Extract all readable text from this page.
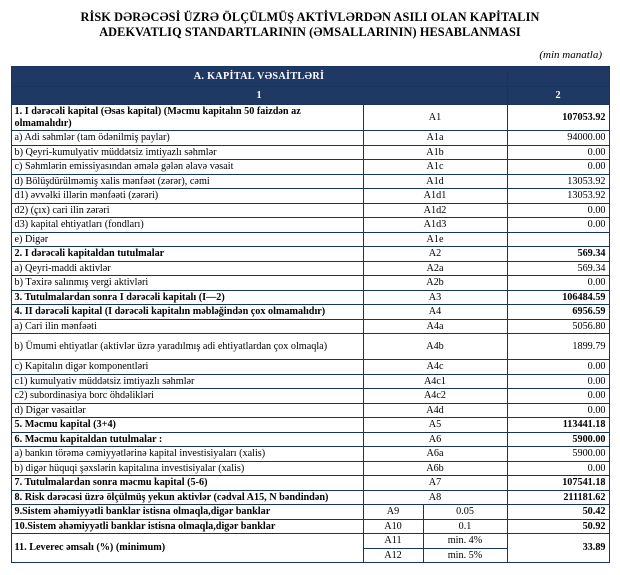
RİSK DƏRƏCƏSİ ÜZRƏ ÖLÇÜLMÜŞ AKTİVLƏRDƏN ASILI OLAN KAPİTALIN
ADEKVATLIQ STANDARTLARININ (ƏMSALLARININ) HESABLANMASI
(min manatla)
A. KAPİTAL VƏSAİTLƏRİ			
1			2
1. I dərəcəli kapital (Əsas kapital) (Məcmu kapitalın 50 faizdən az olmamalıdır)	A1		107053.92
a) Adi səhmlər (tam ödənilmiş paylar)	A1a		94000.00
b) Qeyri-kumulyativ müddətsiz imtiyazlı səhmlər	A1b		0.00
c) Səhmlərin emissiyasından əmələ gələn əlavə vəsait	A1c		0.00
d) Bölüşdürülməmiş xalis mənfəət (zərər), cəmi	A1d		13053.92
d1) əvvəlki illərin mənfəəti (zərəri)	A1d1		13053.92
d2) (ҫıx) cari ilin zərəri	A1d2		0.00
d3) kapital ehtiyatları (fondları)	A1d3		0.00
e) Digər	A1e		
2. I dərəcəli kapitaldan tutulmalar	A2		569.34
a) Qeyri-maddi aktivlər	A2a		569.34
b) Təxirə salınmış vergi aktivləri	A2b		0.00
3. Tutulmalardan sonra I dərəcəli kapitalı (I—2)	A3		106484.59
4. II dərəcəli kapital (I dərəcəli kapitalın məbləğindən çox olmamalıdır)	A4		6956.59
a) Cari ilin mənfəəti	A4a		5056.80
b) Ümumi ehtiyatlar (aktivlər üzrə yaradılmış adi ehtiyatlardan çox olmaqla)	A4b		1899.79
c) Kapitalın digər komponentləri	A4c		0.00
c1) kumulyativ müddətsiz imtiyazlı səhmlər	A4c1		0.00
c2) subordinasiya borc öhdəlikləri	A4c2		0.00
d) Digər vəsaitlər	A4d		0.00
5. Məcmu kapital (3+4)	A5		113441.18
6. Məcmu kapitaldan tutulmalar :	A6		5900.00
a) bankın törəmə cəmiyyətlərinə kapital investisiyaları (xalis)	A6a		5900.00
b) digər hüquqi şəxslərin kapitalına investisiyalar (xalis)	A6b		0.00
7. Tutulmalardan sonra məcmu kapital (5-6)	A7		107541.18
8. Risk dərəcəsi üzrə ölçülmüş yekun aktivlər (cədval A15, N bəndindən)	A8		211181.62
9.Sistem əhəmiyyətli banklar istisna olmaqla,digər banklar	A9	0.05	50.42
10.Sistem əhəmiyyətli banklar istisna olmaqla,digər banklar	A10	0.1	50.92
11. Leverec əmsalı (%) (minimum)	A11	min. 4%	33.89
	A12	min. 5%	
